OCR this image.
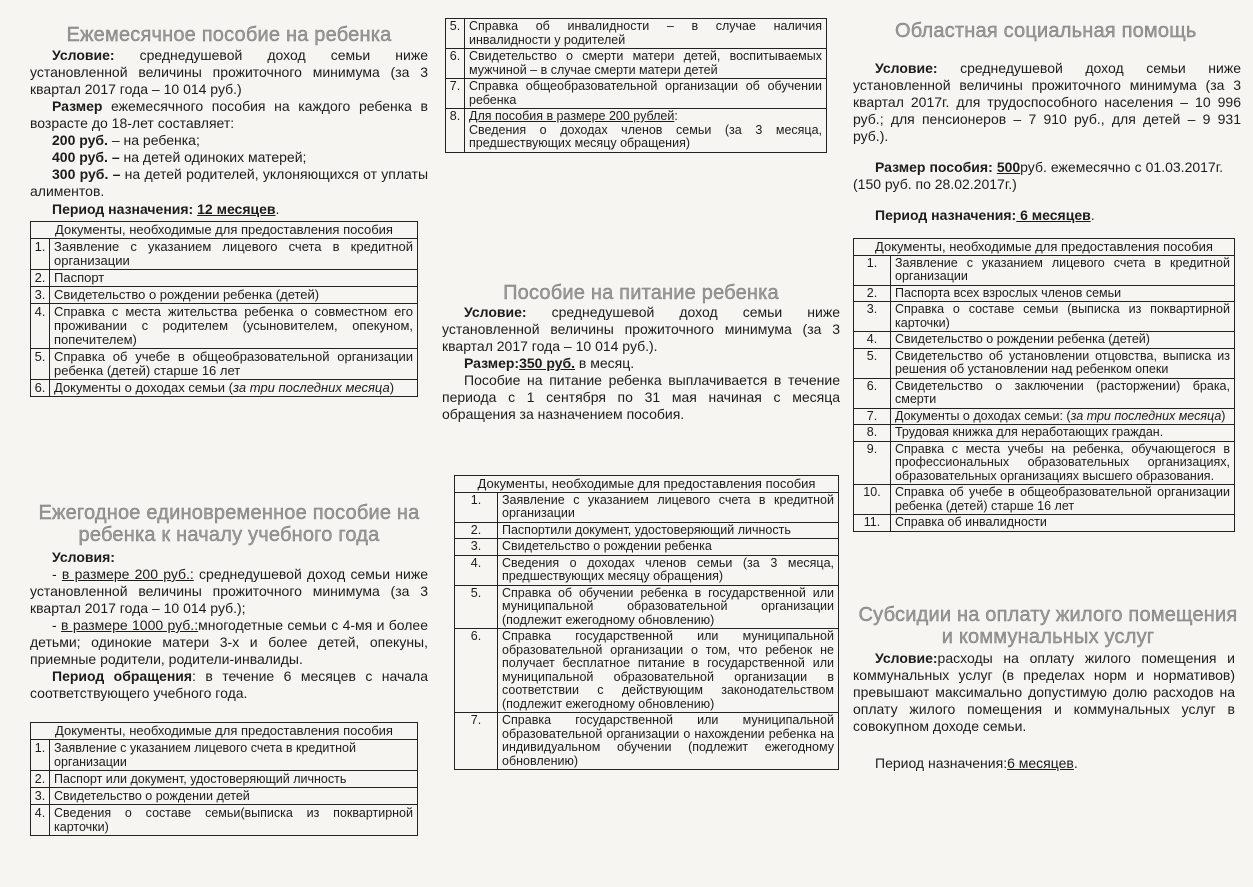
Ежемесячное пособие на ребенка

Условие: среднедушевой доход семьи ниже установленной величины прожиточного минимума (за 3 квартал 2017 года – 10 014 руб.)

Размер ежемесячного пособия на каждого ребенка в возрасте до 18-лет составляет:

200 руб. – на ребенка;

400 руб. – на детей одиноких матерей;

300 руб. – на детей родителей, уклоняющихся от уплаты алиментов.

Период назначения: 12 месяцев.

Документы, необходимые для предоставления пособия	
1.	Заявление с указанием лицевого счета в кредитной организации
2.	Паспорт
3.	Свидетельство о рождении ребенка (детей)
4.	Справка с места жительства ребенка о совместном его проживании с родителем (усыновителем, опекуном, попечителем)
5.	Справка об учебе в общеобразовательной организации ребенка (детей) старше 16 лет
6.	Документы о доходах семьи (за три последних месяца)
Ежегодное единовременное пособие на ребенка к началу учебного года

Условия:

- в размере 200 руб.: среднедушевой доход семьи ниже установленной величины прожиточного минимума (за 3 квартал 2017 года – 10 014 руб.);

- в размере 1000 руб.:многодетные семьи с 4-мя и более детьми; одинокие матери 3-х и более детей, опекуны, приемные родители, родители-инвалиды.

Период обращения: в течение 6 месяцев с начала соответствующего учебного года.

Документы, необходимые для предоставления пособия	
1.	Заявление с указанием лицевого счета в кредитной организации
2.	Паспорт или документ, удостоверяющий личность
3.	Свидетельство о рождении детей
4.	Сведения о составе семьи(выписка из поквартирной карточки)
5.	Справка об инвалидности – в случае наличия инвалидности у родителей
6.	Свидетельство о смерти матери детей, воспитываемых мужчиной – в случае смерти матери детей
7.	Справка общеобразовательной организации об обучении ребенка
8.	Для пособия в размере 200 рублей:
Сведения о доходах членов семьи (за 3 месяца, предшествующих месяцу обращения)
Пособие на питание ребенка

Условие: среднедушевой доход семьи ниже установленной величины прожиточного минимума (за 3 квартал 2017 года – 10 014 руб.).

Размер:350 руб. в месяц.

Пособие на питание ребенка выплачивается в течение периода с 1 сентября по 31 мая начиная с месяца обращения за назначением пособия.

Документы, необходимые для предоставления пособия	
1.	Заявление с указанием лицевого счета в кредитной организации
2.	Паспортили документ, удостоверяющий личность
3.	Свидетельство о рождении ребенка
4.	Сведения о доходах членов семьи (за 3 месяца, предшествующих месяцу обращения)
5.	Справка об обучении ребенка в государственной или муниципальной образовательной организации (подлежит ежегодному обновлению)
6.	Справка государственной или муниципальной образовательной организации о том, что ребенок не получает бесплатное питание в государственной или муниципальной образовательной организации в соответствии с действующим законодательством (подлежит ежегодному обновлению)
7.	Справка государственной или муниципальной образовательной организации о нахождении ребенка на индивидуальном обучении (подлежит ежегодному обновлению)
Областная социальная помощь

Условие: среднедушевой доход семьи ниже установленной величины прожиточного минимума (за 3 квартал 2017г. для трудоспособного населения – 10 996 руб.; для пенсионеров – 7 910 руб., для детей – 9 931 руб.).

Размер пособия: 500руб. ежемесячно с 01.03.2017г. (150 руб. по 28.02.2017г.)

Период назначения: 6 месяцев.

Документы, необходимые для предоставления пособия	
1.	Заявление с указанием лицевого счета в кредитной организации
2.	Паспорта всех взрослых членов семьи
3.	Справка о составе семьи (выписка из поквартирной карточки)
4.	Свидетельство о рождении ребенка (детей)
5.	Свидетельство об установлении отцовства, выписка из решения об установлении над ребенком опеки
6.	Свидетельство о заключении (расторжении) брака, смерти
7.	Документы о доходах семьи: (за три последних месяца)
8.	Трудовая книжка для неработающих граждан.
9.	Справка с места учебы на ребенка, обучающегося в профессиональных образовательных организациях, образовательных организациях высшего образования.
10.	Справка об учебе в общеобразовательной организации ребенка (детей) старше 16 лет
11.	Справка об инвалидности
Субсидии на оплату жилого помещения и коммунальных услуг

Условие:расходы на оплату жилого помещения и коммунальных услуг (в пределах норм и нормативов) превышают максимально допустимую долю расходов на оплату жилого помещения и коммунальных услуг в совокупном доходе семьи.

Период назначения:6 месяцев.
